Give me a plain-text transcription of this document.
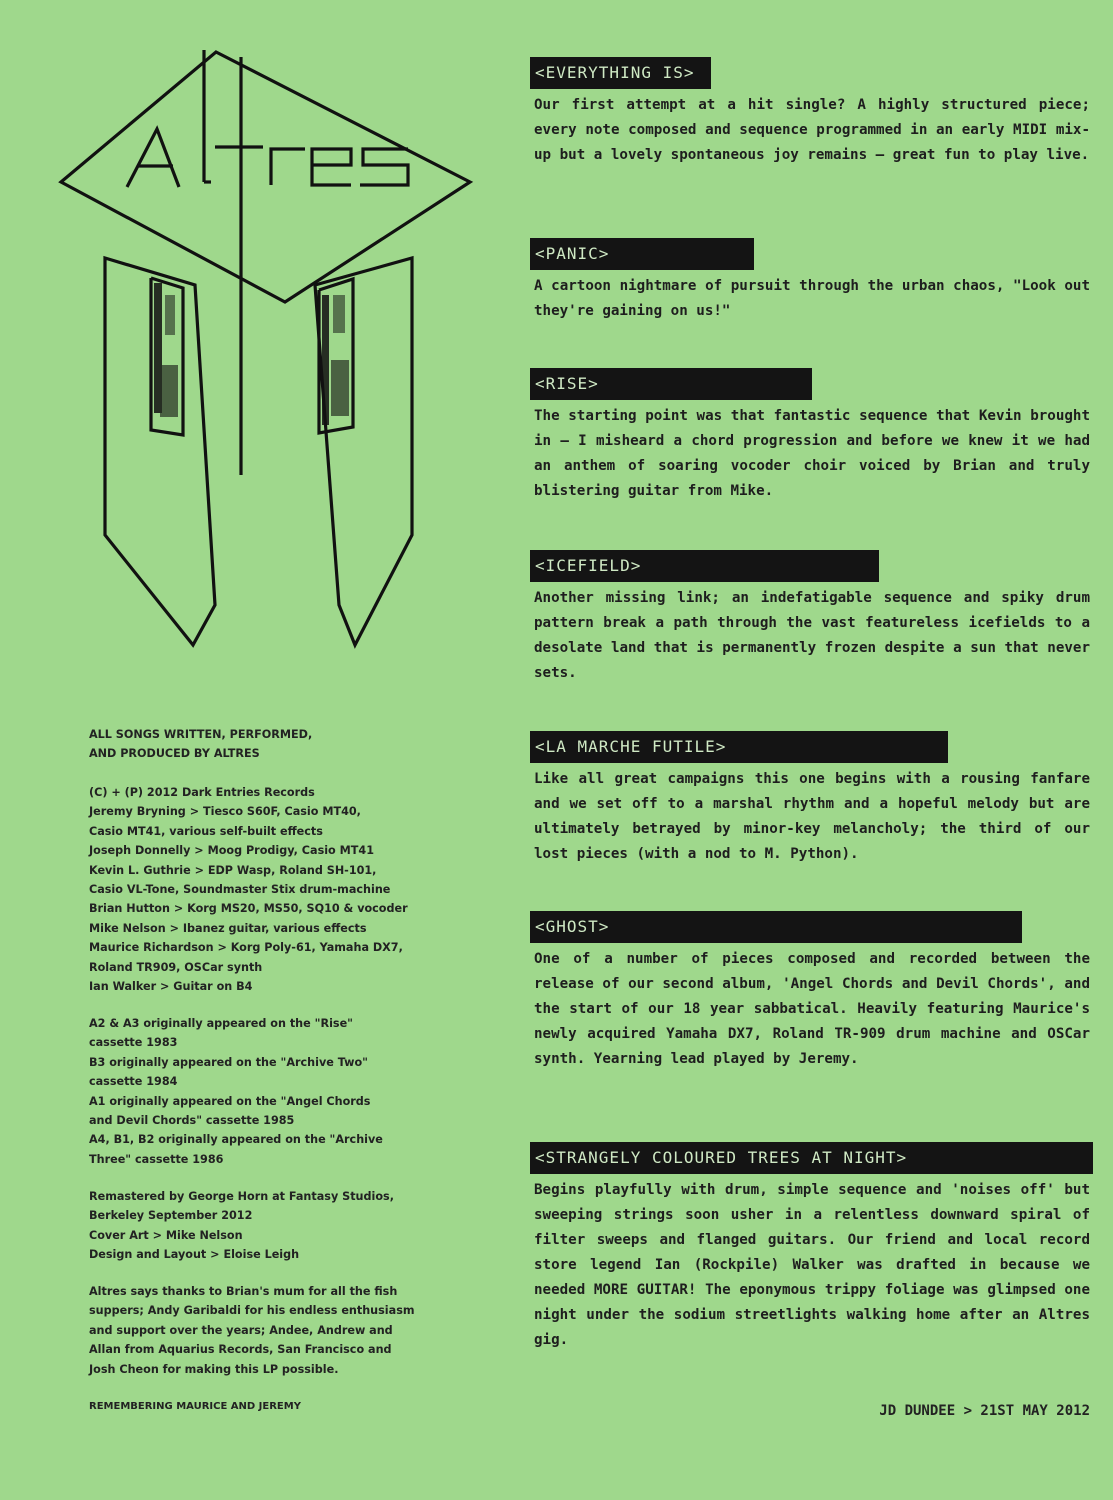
ALL SONGS WRITTEN, PERFORMED,
AND PRODUCED BY ALTRES
(C) + (P) 2012 Dark Entries Records
Jeremy Bryning > Tiesco S60F, Casio MT40,
Casio MT41, various self-built effects
Joseph Donnelly > Moog Prodigy, Casio MT41
Kevin L. Guthrie > EDP Wasp, Roland SH-101,
Casio VL-Tone, Soundmaster Stix drum-machine
Brian Hutton > Korg MS20, MS50, SQ10 & vocoder
Mike Nelson > Ibanez guitar, various effects
Maurice Richardson > Korg Poly-61, Yamaha DX7,
Roland TR909, OSCar synth
Ian Walker > Guitar on B4
A2 & A3 originally appeared on the "Rise"
cassette 1983
B3 originally appeared on the "Archive Two"
cassette 1984
A1 originally appeared on the "Angel Chords
and Devil Chords" cassette 1985
A4, B1, B2 originally appeared on the "Archive
Three" cassette 1986
Remastered by George Horn at Fantasy Studios,
Berkeley September 2012
Cover Art > Mike Nelson
Design and Layout > Eloise Leigh
Altres says thanks to Brian's mum for all the fish
suppers; Andy Garibaldi for his endless enthusiasm
and support over the years; Andee, Andrew and
Allan from Aquarius Records, San Francisco and
Josh Cheon for making this LP possible.
REMEMBERING MAURICE AND JEREMY
<EVERYTHING IS>
Our first attempt at a hit single? A highly structured piece; every note composed and sequence programmed in an early MIDI mix-up but a lovely spontaneous joy remains — great fun to play live.
<PANIC>
A cartoon nightmare of pursuit through the urban chaos, "Look out they're gaining on us!"
<RISE>
The starting point was that fantastic sequence that Kevin brought in — I misheard a chord progression and before we knew it we had an anthem of soaring vocoder choir voiced by Brian and truly blistering guitar from Mike.
<ICEFIELD>
Another missing link; an indefatigable sequence and spiky drum pattern break a path through the vast featureless icefields to a desolate land that is permanently frozen despite a sun that never sets.
<LA MARCHE FUTILE>
Like all great campaigns this one begins with a rousing fanfare and we set off to a marshal rhythm and a hopeful melody but are ultimately betrayed by minor-key melancholy; the third of our lost pieces (with a nod to M. Python).
<GHOST>
One of a number of pieces composed and recorded between the release of our second album, 'Angel Chords and Devil Chords', and the start of our 18 year sabbatical. Heavily featuring Maurice's newly acquired Yamaha DX7, Roland TR-909 drum machine and OSCar synth. Yearning lead played by Jeremy.
<STRANGELY COLOURED TREES AT NIGHT>
Begins playfully with drum, simple sequence and 'noises off' but sweeping strings soon usher in a relentless downward spiral of filter sweeps and flanged guitars. Our friend and local record store legend Ian (Rockpile) Walker was drafted in because we needed MORE GUITAR! The eponymous trippy foliage was glimpsed one night under the sodium streetlights walking home after an Altres gig.
JD DUNDEE > 21ST MAY 2012
